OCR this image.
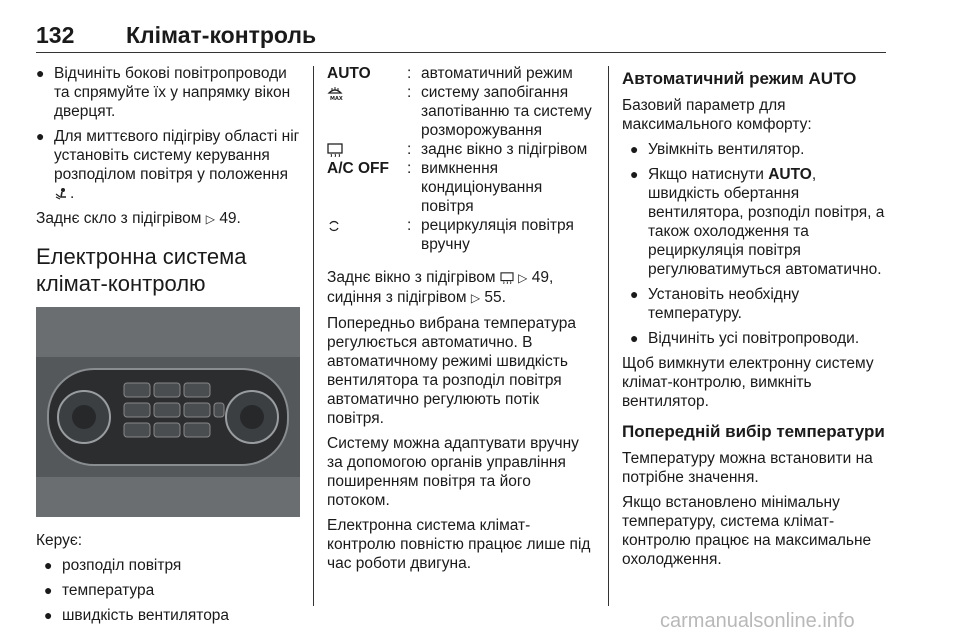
132 Клімат-контроль
● Відчиніть бокові повітропроводи та спрямуйте їх у напрямку вікон дверцят.
● Для миттєвого підігріву області ніг установіть систему керування розподілом повітря у положення .

Заднє скло з підігрівом ▷ 49.

Електронна система клімат-контролю

Керує:

● розподіл повітря
● температура
● швидкість вентилятора
AUTO	: автоматичний режим
MAX	: систему запобігання запотіванню та систему розморожування
: заднє вікно з підігрівом
A/C OFF	: вимкнення кондиціонування повітря
: рециркуляція повітря вручну

Заднє вікно з підігрівом ▷ 49, сидіння з підігрівом ▷ 55.

Попередньо вибрана температура регулюється автоматично. В автоматичному режимі швидкість вентилятора та розподіл повітря автоматично регулюють потік повітря.

Систему можна адаптувати вручну за допомогою органів управління поширенням повітря та його потоком.

Електронна система клімат-контролю повністю працює лише під час роботи двигуна.

Автоматичний режим AUTO

Базовий параметр для максимального комфорту:

● Увімкніть вентилятор.
● Якщо натиснути AUTO, швидкість обертання вентилятора, розподіл повітря, а також охолодження та рециркуляція повітря регулюватимуться автоматично.
● Установіть необхідну температуру.
● Відчиніть усі повітропроводи.

Щоб вимкнути електронну систему клімат-контролю, вимкніть вентилятор.

Попередній вибір температури

Температуру можна встановити на потрібне значення.

Якщо встановлено мінімальну температуру, система клімат-контролю працює на максимальне охолодження.

carmanualsonline.info
